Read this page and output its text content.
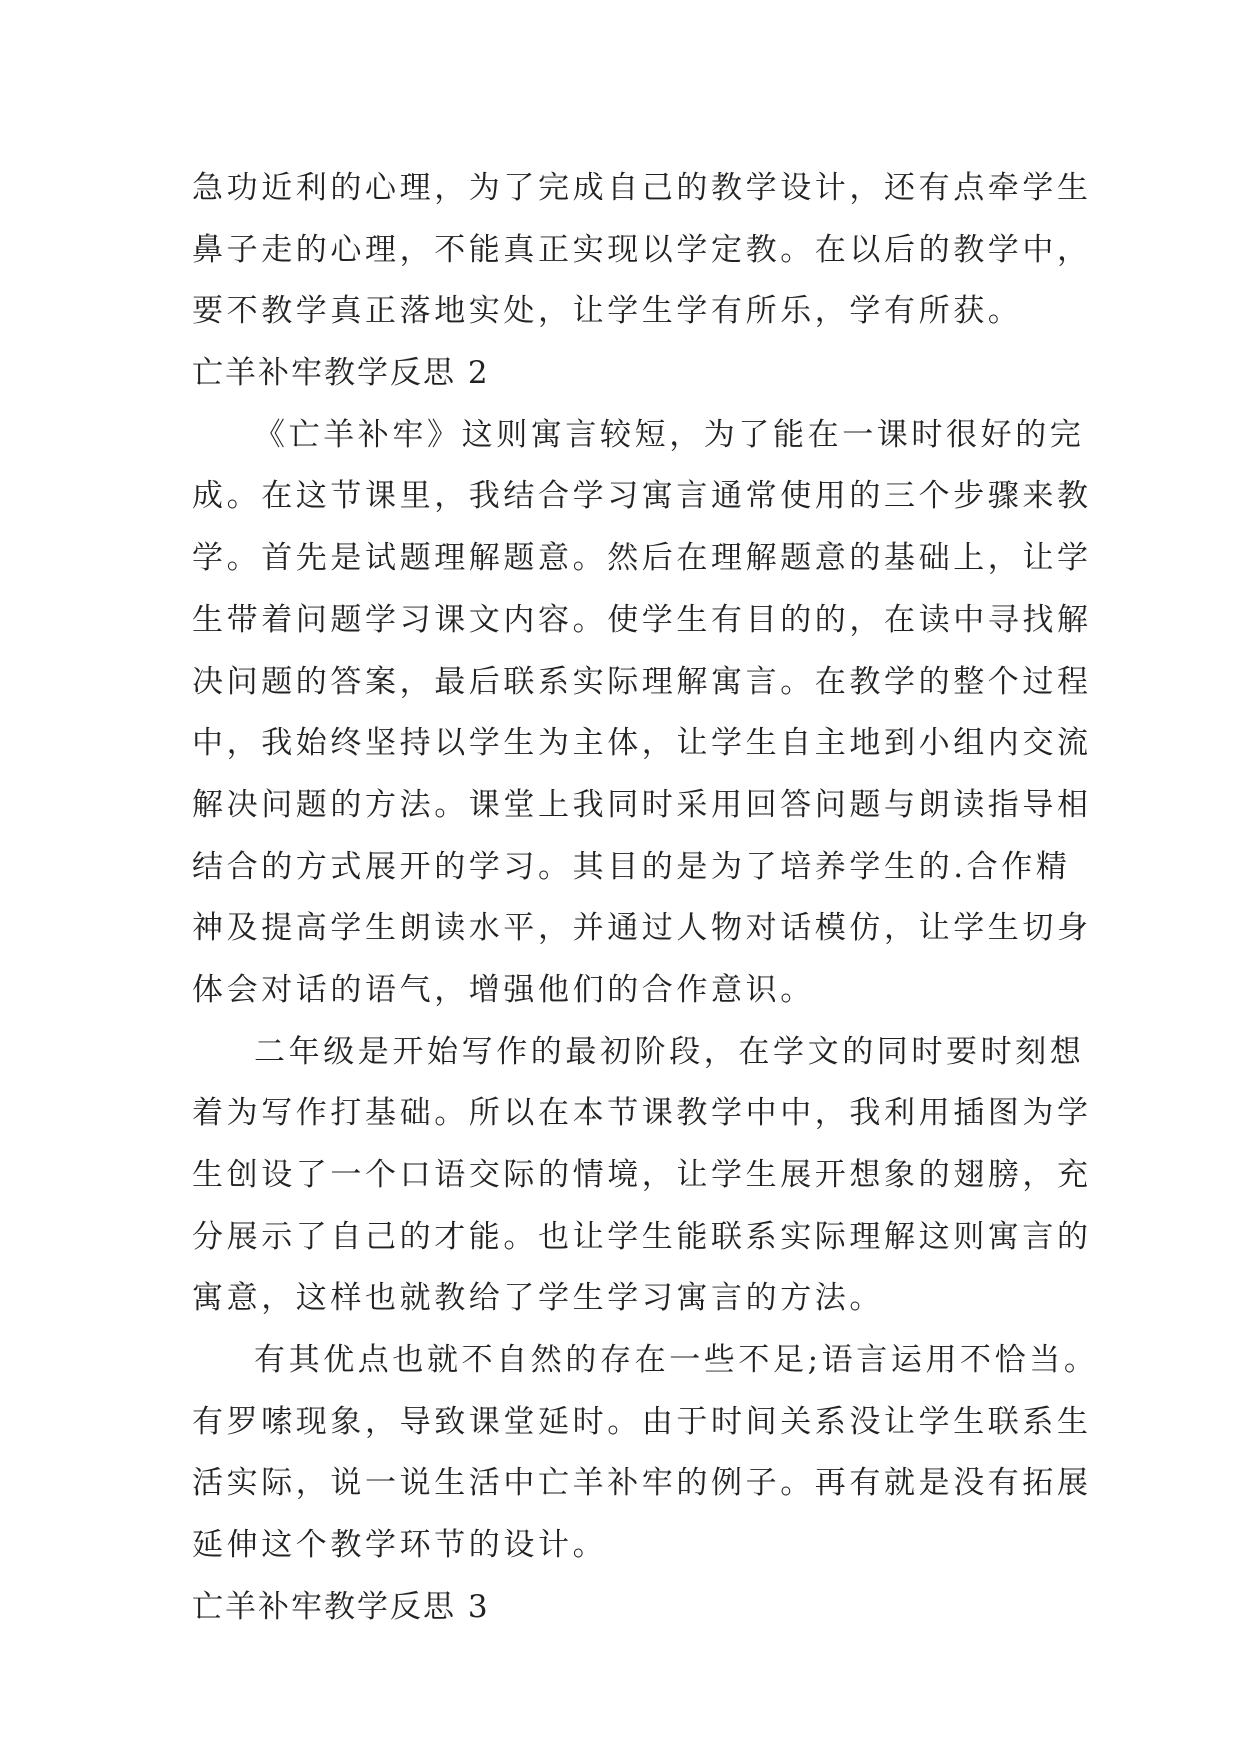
急功近利的心理，为了完成自己的教学设计，还有点牵学生
鼻子走的心理，不能真正实现以学定教。在以后的教学中，
要不教学真正落地实处，让学生学有所乐，学有所获。
亡羊补牢教学反思 2
《亡羊补牢》这则寓言较短，为了能在一课时很好的完
成。在这节课里，我结合学习寓言通常使用的三个步骤来教
学。首先是试题理解题意。然后在理解题意的基础上，让学
生带着问题学习课文内容。使学生有目的的，在读中寻找解
决问题的答案，最后联系实际理解寓言。在教学的整个过程
中，我始终坚持以学生为主体，让学生自主地到小组内交流
解决问题的方法。课堂上我同时采用回答问题与朗读指导相
结合的方式展开的学习。其目的是为了培养学生的.合作精
神及提高学生朗读水平，并通过人物对话模仿，让学生切身
体会对话的语气，增强他们的合作意识。
二年级是开始写作的最初阶段，在学文的同时要时刻想
着为写作打基础。所以在本节课教学中中，我利用插图为学
生创设了一个口语交际的情境，让学生展开想象的翅膀，充
分展示了自己的才能。也让学生能联系实际理解这则寓言的
寓意，这样也就教给了学生学习寓言的方法。
有其优点也就不自然的存在一些不足;语言运用不恰当。
有罗嗦现象，导致课堂延时。由于时间关系没让学生联系生
活实际，说一说生活中亡羊补牢的例子。再有就是没有拓展
延伸这个教学环节的设计。
亡羊补牢教学反思 3
